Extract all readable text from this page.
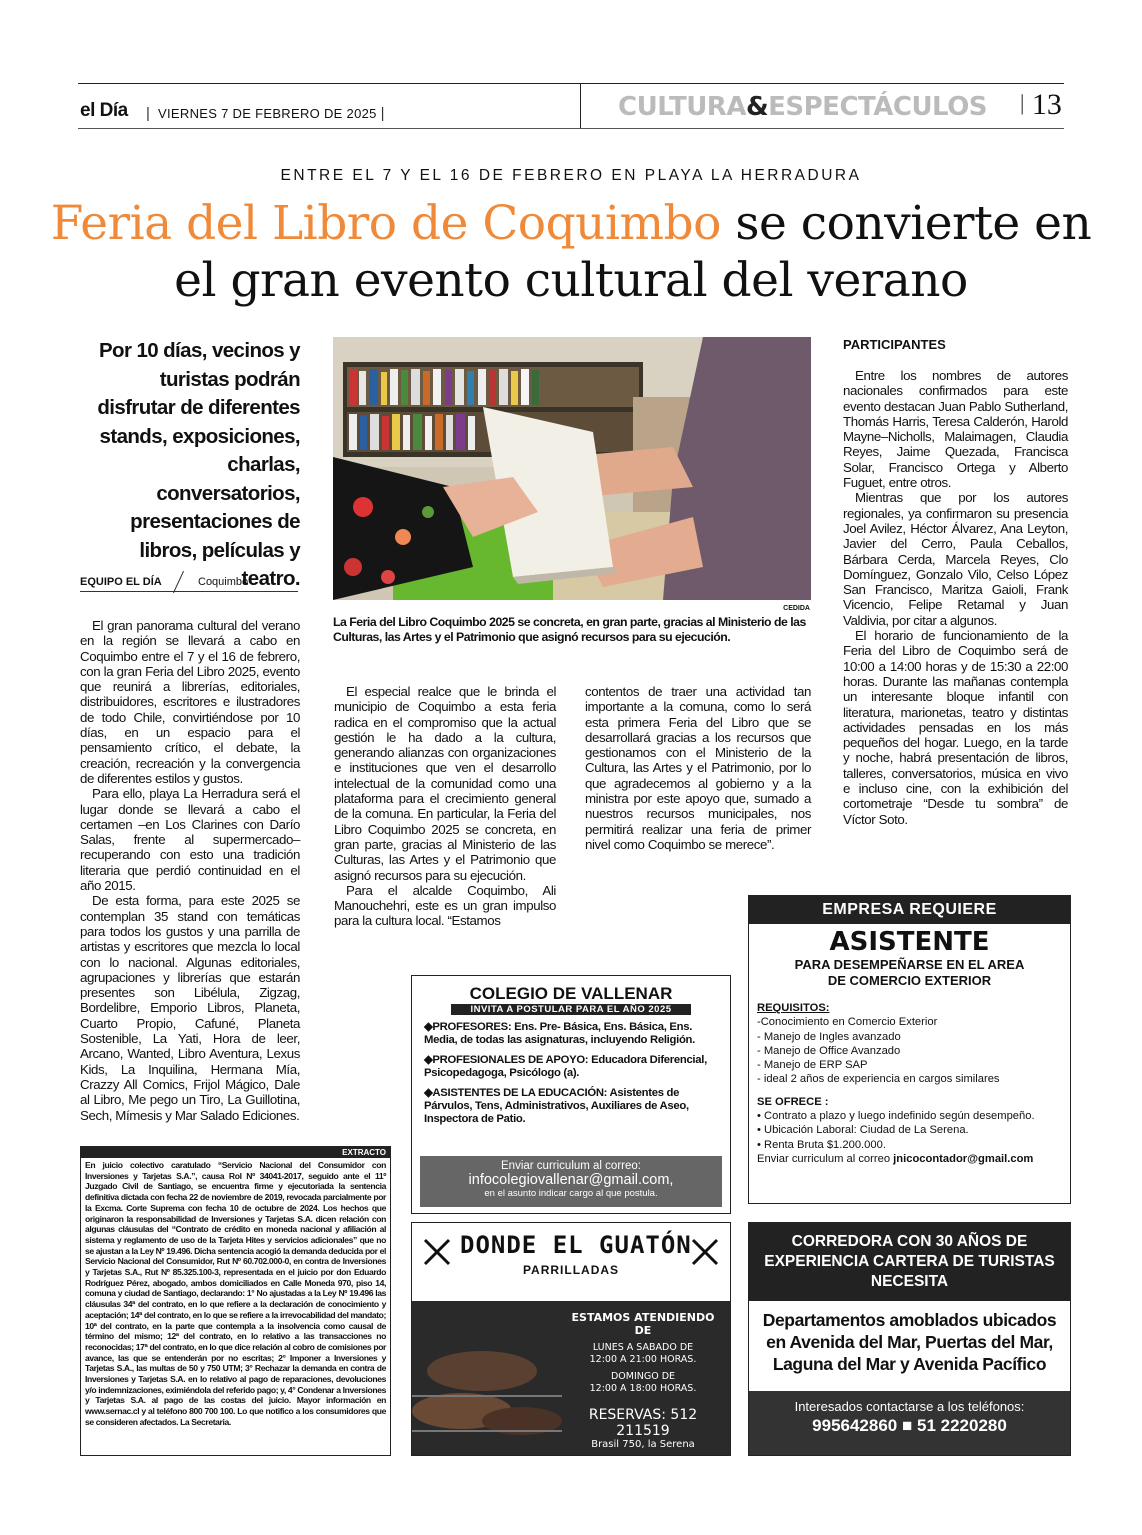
el Día | VIERNES 7 DE FEBRERO DE 2025 |	CULTURA&ESPECTÁCULOS | 13
ENTRE EL 7 Y EL 16 DE FEBRERO EN PLAYA LA HERRADURA
Feria del Libro de Coquimbo se convierte en el gran evento cultural del verano
Por 10 días, vecinos y turistas podrán disfrutar de diferentes stands, exposiciones, charlas, conversatorios, presentaciones de libros, películas y teatro.
EQUIPO EL DÍA	Coquimbo
CEDIDA
La Feria del Libro Coquimbo 2025 se concreta, en gran parte, gracias al Ministerio de las Culturas, las Artes y el Patrimonio que asignó recursos para su ejecución.

El gran panorama cultural del verano en la región se llevará a cabo en Coquimbo entre el 7 y el 16 de febrero, con la gran Feria del Libro 2025, evento que reunirá a librerías, editoriales, distribuidores, escritores e ilustradores de todo Chile, convirtiéndose por 10 días, en un espacio para el pensamiento crítico, el debate, la creación, recreación y la convergencia de diferentes estilos y gustos.

Para ello, playa La Herradura será el lugar donde se llevará a cabo el certamen –en Los Clarines con Darío Salas, frente al supermercado– recuperando con esto una tradición literaria que perdió continuidad en el año 2015.

De esta forma, para este 2025 se contemplan 35 stand con temáticas para todos los gustos y una parrilla de artistas y escritores que mezcla lo local con lo nacional. Algunas editoriales, agrupaciones y librerías que estarán presentes son Libélula, Zigzag, Bordelibre, Emporio Libros, Planeta, Cuarto Propio, Cafuné, Planeta Sostenible, La Yati, Hora de leer, Arcano, Wanted, Libro Aventura, Lexus Kids, La Inquilina, Hermana Mía, Crazzy All Comics, Frijol Mágico, Dale al Libro, Me pego un Tiro, La Guillotina, Sech, Mímesis y Mar Salado Ediciones.

El especial realce que le brinda el municipio de Coquimbo a esta feria radica en el compromiso que la actual gestión le ha dado a la cultura, generando alianzas con organizaciones e instituciones que ven el desarrollo intelectual de la comunidad como una plataforma para el crecimiento general de la comuna. En particular, la Feria del Libro Coquimbo 2025 se concreta, en gran parte, gracias al Ministerio de las Culturas, las Artes y el Patrimonio que asignó recursos para su ejecución.

Para el alcalde Coquimbo, Ali Manouchehri, este es un gran impulso para la cultura local. “Estamos

contentos de traer una actividad tan importante a la comuna, como lo será esta primera Feria del Libro que se desarrollará gracias a los recursos que gestionamos con el Ministerio de la Cultura, las Artes y el Patrimonio, por lo que agradecemos al gobierno y a la ministra por este apoyo que, sumado a nuestros recursos municipales, nos permitirá realizar una feria de primer nivel como Coquimbo se merece”.

PARTICIPANTES

Entre los nombres de autores nacionales confirmados para este evento destacan Juan Pablo Sutherland, Thomás Harris, Teresa Calderón, Harold Mayne–Nicholls, Malaimagen, Claudia Reyes, Jaime Quezada, Francisca Solar, Francisco Ortega y Alberto Fuguet, entre otros.

Mientras que por los autores regionales, ya confirmaron su presencia Joel Avilez, Héctor Álvarez, Ana Leyton, Javier del Cerro, Paula Ceballos, Bárbara Cerda, Marcela Reyes, Clo Domínguez, Gonzalo Vilo, Celso López San Francisco, Maritza Gaioli, Frank Vicencio, Felipe Retamal y Juan Valdivia, por citar a algunos.

El horario de funcionamiento de la Feria del Libro de Coquimbo será de 10:00 a 14:00 horas y de 15:30 a 22:00 horas. Durante las mañanas contempla un interesante bloque infantil con literatura, marionetas, teatro y distintas actividades pensadas en los más pequeños del hogar. Luego, en la tarde y noche, habrá presentación de libros, talleres, conversatorios, música en vivo e incluso cine, con la exhibición del cortometraje “Desde tu sombra” de Víctor Soto.

EXTRACTO
En juicio colectivo caratulado “Servicio Nacional del Consumidor con Inversiones y Tarjetas S.A.”, causa Rol Nº 34041-2017, seguido ante el 11º Juzgado Civil de Santiago, se encuentra firme y ejecutoriada la sentencia definitiva dictada con fecha 22 de noviembre de 2019, revocada parcialmente por la Excma. Corte Suprema con fecha 10 de octubre de 2024. Los hechos que originaron la responsabilidad de Inversiones y Tarjetas S.A. dicen relación con algunas cláusulas del “Contrato de crédito en moneda nacional y afiliación al sistema y reglamento de uso de la Tarjeta Hites y servicios adicionales” que no se ajustan a la Ley Nº 19.496. Dicha sentencia acogió la demanda deducida por el Servicio Nacional del Consumidor, Rut Nº 60.702.000-0, en contra de Inversiones y Tarjetas S.A., Rut Nº 85.325.100-3, representada en el juicio por don Eduardo Rodríguez Pérez, abogado, ambos domiciliados en Calle Moneda 970, piso 14, comuna y ciudad de Santiago, declarando: 1° No ajustadas a la Ley Nº 19.496 las cláusulas 34ª del contrato, en lo que refiere a la declaración de conocimiento y aceptación; 14ª del contrato, en lo que se refiere a la irrevocabilidad del mandato; 10ª del contrato, en la parte que contempla a la insolvencia como causal de término del mismo; 12ª del contrato, en lo relativo a las transacciones no reconocidas; 17ª del contrato, en lo que dice relación al cobro de comisiones por avance, las que se entenderán por no escritas; 2° Imponer a Inversiones y Tarjetas S.A., las multas de 50 y 750 UTM; 3° Rechazar la demanda en contra de Inversiones y Tarjetas S.A. en lo relativo al pago de reparaciones, devoluciones y/o indemnizaciones, eximiéndola del referido pago; y, 4° Condenar a Inversiones y Tarjetas S.A. al pago de las costas del juicio. Mayor información en www.sernac.cl y al teléfono 800 700 100. Lo que notifico a los consumidores que se consideren afectados. La Secretaria.
COLEGIO DE VALLENAR
INVITA A POSTULAR PARA EL AÑO 2025
◆PROFESORES: Ens. Pre- Básica, Ens. Básica, Ens. Media, de todas las asignaturas, incluyendo Religión.
◆PROFESIONALES DE APOYO: Educadora Diferencial, Psicopedagoga, Psicólogo (a).
◆ASISTENTES DE LA EDUCACIÓN: Asistentes de Párvulos, Tens, Administrativos, Auxiliares de Aseo, Inspectora de Patio.
Enviar curriculum al correo:
infocolegiovallenar@gmail.com,
en el asunto indicar cargo al que postula.
DONDE EL GUATÓN
PARRILLADAS
ESTAMOS ATENDIENDO DE
LUNES A SABADO DE
12:00 A 21:00 HORAS.
DOMINGO DE
12:00 A 18:00 HORAS.
RESERVAS: 512 211519
Brasil 750, la Serena
EMPRESA REQUIERE
ASISTENTE
PARA DESEMPEÑARSE EN EL AREA
DE COMERCIO EXTERIOR
REQUISITOS:
-Conocimiento en Comercio Exterior
- Manejo de Ingles avanzado
- Manejo de Office Avanzado
- Manejo de ERP SAP
- ideal 2 años de experiencia en cargos similares
SE OFRECE :
• Contrato a plazo y luego indefinido según desempeño.
• Ubicación Laboral: Ciudad de La Serena.
• Renta Bruta $1.200.000.
Enviar curriculum al correo jnicocontador@gmail.com
CORREDORA CON 30 AÑOS DE EXPERIENCIA CARTERA DE TURISTAS NECESITA
Departamentos amoblados ubicados en Avenida del Mar, Puertas del Mar, Laguna del Mar y Avenida Pacífico
Interesados contactarse a los teléfonos:
995642860 ■ 51 2220280
